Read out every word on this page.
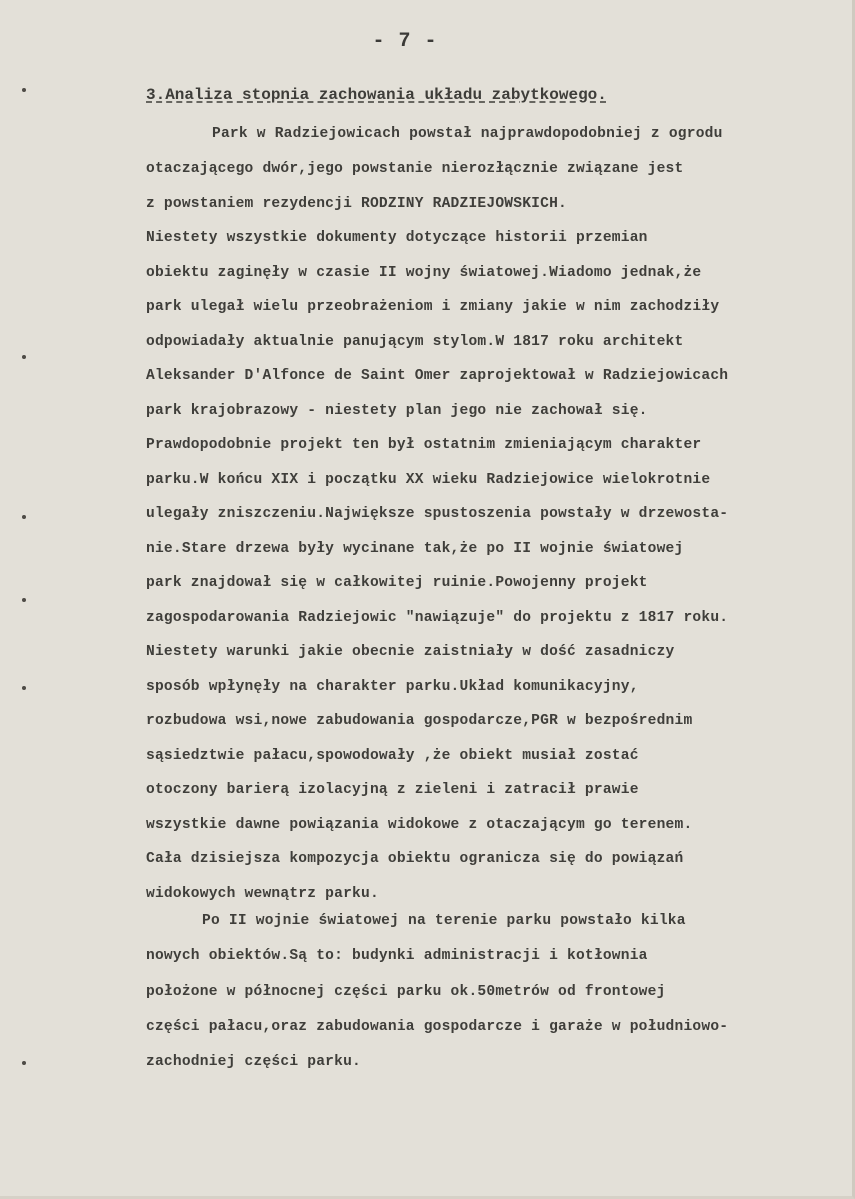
- 7 -
3.Analiza stopnia zachowania układu zabytkowego.
Park w Radziejowicach powstał najprawdopodobniej z ogrodu
otaczającego dwór,jego powstanie nierozłącznie związane jest
z powstaniem rezydencji RODZINY RADZIEJOWSKICH.
Niestety wszystkie dokumenty dotyczące historii przemian
obiektu zaginęły w czasie II wojny światowej.Wiadomo jednak,że
park ulegał wielu przeobrażeniom i zmiany jakie w nim zachodziły
odpowiadały aktualnie panującym stylom.W 1817 roku architekt
Aleksander D'Alfonce de Saint Omer zaprojektował w Radziejowicach
park krajobrazowy - niestety plan jego nie zachował się.
Prawdopodobnie projekt ten był ostatnim zmieniającym charakter
parku.W końcu XIX i początku XX wieku Radziejowice wielokrotnie
ulegały zniszczeniu.Największe spustoszenia powstały w drzewosta-
nie.Stare drzewa były wycinane tak,że po II wojnie światowej
park znajdował się w całkowitej ruinie.Powojenny projekt
zagospodarowania Radziejowic "nawiązuje" do projektu z 1817 roku.
Niestety warunki jakie obecnie zaistniały w dość zasadniczy
sposób wpłynęły na charakter parku.Układ komunikacyjny,
rozbudowa wsi,nowe zabudowania gospodarcze,PGR w bezpośrednim
sąsiedztwie pałacu,spowodowały ,że obiekt musiał zostać
otoczony barierą izolacyjną z zieleni i zatracił prawie
wszystkie dawne powiązania widokowe z otaczającym go terenem.
Cała dzisiejsza kompozycja obiektu ogranicza się do powiązań
widokowych wewnątrz parku.
Po II wojnie światowej na terenie parku powstało kilka
nowych obiektów.Są to: budynki administracji i kotłownia
położone w północnej części parku ok.50metrów od frontowej
części pałacu,oraz zabudowania gospodarcze i garaże w południowo-
zachodniej części parku.
